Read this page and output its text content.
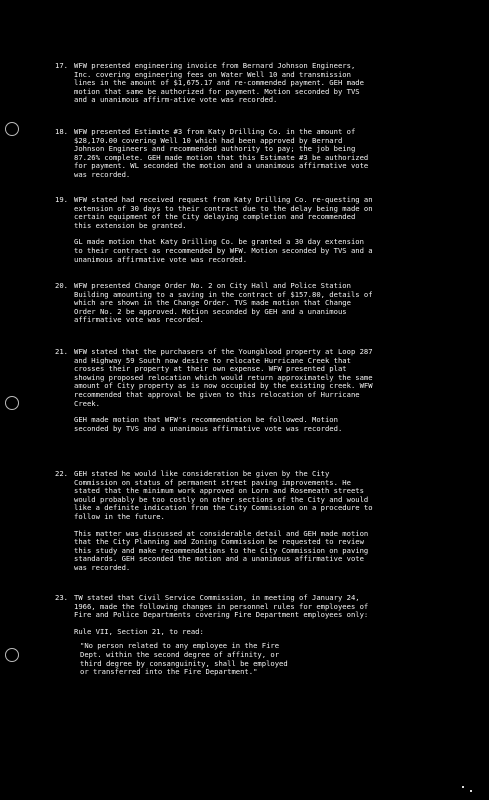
17. WFW presented engineering invoice from Bernard Johnson Engineers, Inc. covering engineering fees on Water Well 10 and transmission lines in the amount of $1,675.17 and re-commended payment. GEH made motion that same be authorized for payment. Motion seconded by TVS and a unanimous affirm-ative vote was recorded.

18. WFW presented Estimate #3 from Katy Drilling Co. in the amount of $28,170.00 covering Well 10 which had been approved by Bernard Johnson Engineers and recommended authority to pay; the job being 87.26% complete. GEH made motion that this Estimate #3 be authorized for payment. WL seconded the motion and a unanimous affirmative vote was recorded.

19. WFW stated had received request from Katy Drilling Co. re-questing an extension of 30 days to their contract due to the delay being made on certain equipment of the City delaying completion and recommended this extension be granted.

GL made motion that Katy Drilling Co. be granted a 30 day extension to their contract as recommended by WFW. Motion seconded by TVS and a unanimous affirmative vote was recorded.

20. WFW presented Change Order No. 2 on City Hall and Police Station Building amounting to a saving in the contract of $157.80, details of which are shown in the Change Order. TVS made motion that Change Order No. 2 be approved. Motion seconded by GEH and a unanimous affirmative vote was recorded.

21. WFW stated that the purchasers of the Youngblood property at Loop 287 and Highway 59 South now desire to relocate Hurricane Creek that crosses their property at their own expense. WFW presented plat showing proposed relocation which would return approximately the same amount of City property as is now occupied by the existing creek. WFW recommended that approval be given to this relocation of Hurricane Creek.

GEH made motion that WFW's recommendation be followed. Motion seconded by TVS and a unanimous affirmative vote was recorded.

22. GEH stated he would like consideration be given by the City Commission on status of permanent street paving improvements. He stated that the minimum work approved on Lorn and Rosemeath streets would probably be too costly on other sections of the City and would like a definite indication from the City Commission on a procedure to follow in the future.

This matter was discussed at considerable detail and GEH made motion that the City Planning and Zoning Commission be requested to review this study and make recommendations to the City Commission on paving standards. GEH seconded the motion and a unanimous affirmative vote was recorded.

23. TW stated that Civil Service Commission, in meeting of January 24, 1966, made the following changes in personnel rules for employees of Fire and Police Departments covering Fire Department employees only:

Rule VII, Section 21, to read:

"No person related to any employee in the Fire Dept. within the second degree of affinity, or third degree by consanguinity, shall be employed or transferred into the Fire Department."
